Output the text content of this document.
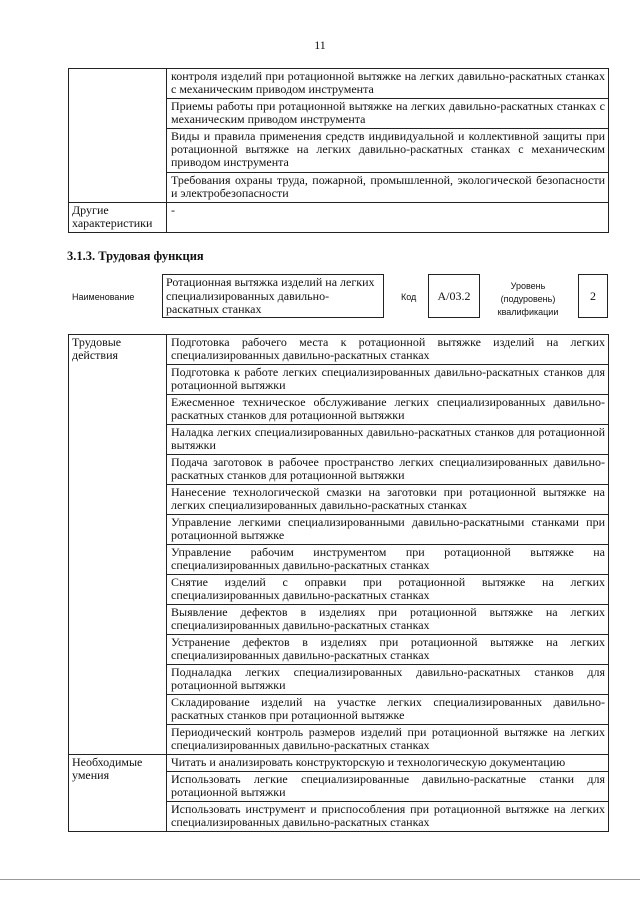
11
	контроля изделий при ротационной вытяжке на легких давильно-раскатных станках с механическим приводом инструмента
	Приемы работы при ротационной вытяжке на легких давильно-раскатных станках с механическим приводом инструмента
	Виды и правила применения средств индивидуальной и коллективной защиты при ротационной вытяжке на легких давильно-раскатных станках с механическим приводом инструмента
	Требования охраны труда, пожарной, промышленной, экологической безопасности и электробезопасности
Другие характеристики	-
3.1.3. Трудовая функция
Наименование
Ротационная вытяжка изделий на легких специализированных давильно-раскатных станках
Код	А/03.2
Уровень (подуровень) квалификации
2
Трудовые действия	Подготовка рабочего места к ротационной вытяжке изделий на легких специализированных давильно-раскатных станках
	Подготовка к работе легких специализированных давильно-раскатных станков для ротационной вытяжки
	Ежесменное техническое обслуживание легких специализированных давильно-раскатных станков для ротационной вытяжки
	Наладка легких специализированных давильно-раскатных станков для ротационной вытяжки
	Подача заготовок в рабочее пространство легких специализированных давильно-раскатных станков для ротационной вытяжки
	Нанесение технологической смазки на заготовки при ротационной вытяжке на легких специализированных давильно-раскатных станках
	Управление легкими специализированными давильно-раскатными станками при ротационной вытяжке
	Управление рабочим инструментом при ротационной вытяжке на специализированных давильно-раскатных станках
	Снятие изделий с оправки при ротационной вытяжке на легких специализированных давильно-раскатных станках
	Выявление дефектов в изделиях при ротационной вытяжке на легких специализированных давильно-раскатных станках
	Устранение дефектов в изделиях при ротационной вытяжке на легких специализированных давильно-раскатных станках
	Подналадка легких специализированных давильно-раскатных станков для ротационной вытяжки
	Складирование изделий на участке легких специализированных давильно-раскатных станков при ротационной вытяжке
	Периодический контроль размеров изделий при ротационной вытяжке на легких специализированных давильно-раскатных станках
Необходимые умения	Читать и анализировать конструкторскую и технологическую документацию
	Использовать легкие специализированные давильно-раскатные станки для ротационной вытяжки
	Использовать инструмент и приспособления при ротационной вытяжке на легких специализированных давильно-раскатных станках
